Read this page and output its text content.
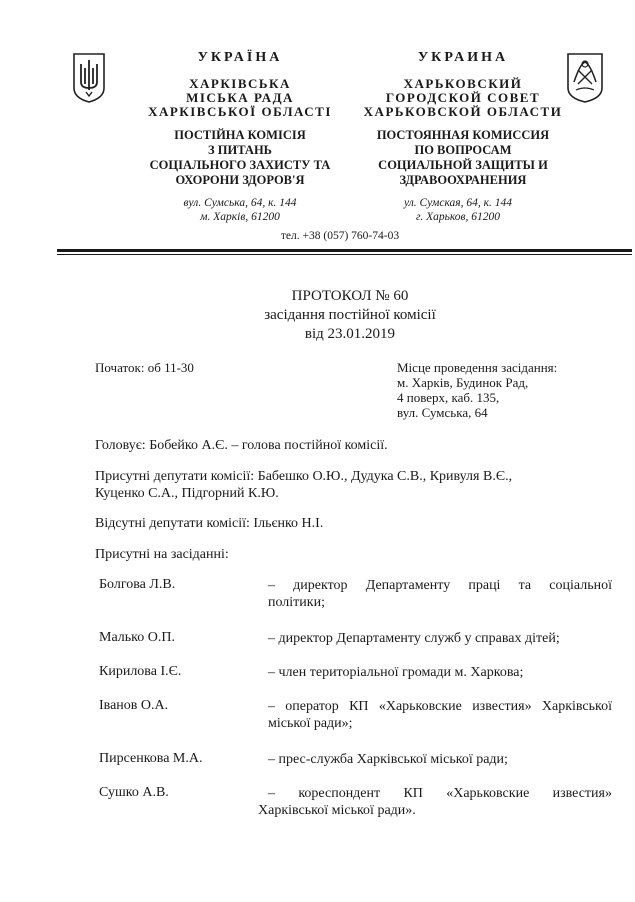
УКРАЇНА
ХАРКІВСЬКА
МІСЬКА РАДА
ХАРКІВСЬКОЇ ОБЛАСТІ
ПОСТІЙНА КОМІСІЯ
З ПИТАНЬ
СОЦІАЛЬНОГО ЗАХИСТУ ТА
ОХОРОНИ ЗДОРОВ'Я
вул. Сумська, 64, к. 144
м. Харків, 61200
УКРАИНА
ХАРЬКОВСКИЙ
ГОРОДСКОЙ СОВЕТ
ХАРЬКОВСКОЙ ОБЛАСТИ
ПОСТОЯННАЯ КОМИССИЯ
ПО ВОПРОСАМ
СОЦИАЛЬНОЙ ЗАЩИТЫ И
ЗДРАВООХРАНЕНИЯ
ул. Сумская, 64, к. 144
г. Харьков, 61200
тел. +38 (057) 760-74-03
ПРОТОКОЛ № 60
засідання постійної комісії
від 23.01.2019
Початок: об 11-30	Місце проведення засідання:
м. Харків, Будинок Рад,
4 поверх, каб. 135,
вул. Сумська, 64
Головує: Бобейко А.Є. – голова постійної комісії.
Присутні депутати комісії: Бабешко О.Ю., Дудука С.В., Кривуля В.Є.,
Куценко С.А., Підгорний К.Ю.
Відсутні депутати комісії: Ільєнко Н.І.
Присутні на засіданні:
Болгова Л.В.	– директор Департаменту праці та соціальної
політики;
Малько О.П.	– директор Департаменту служб у справах дітей;
Кирилова І.Є.	– член територіальної громади м. Харкова;
Іванов О.А.	– оператор КП «Харьковские известия» Харківської
міської ради»;
Пирсенкова М.А.	– прес-служба Харківської міської ради;
Сушко А.В.	– кореспондент КП «Харьковские известия»
Харківської міської ради».
